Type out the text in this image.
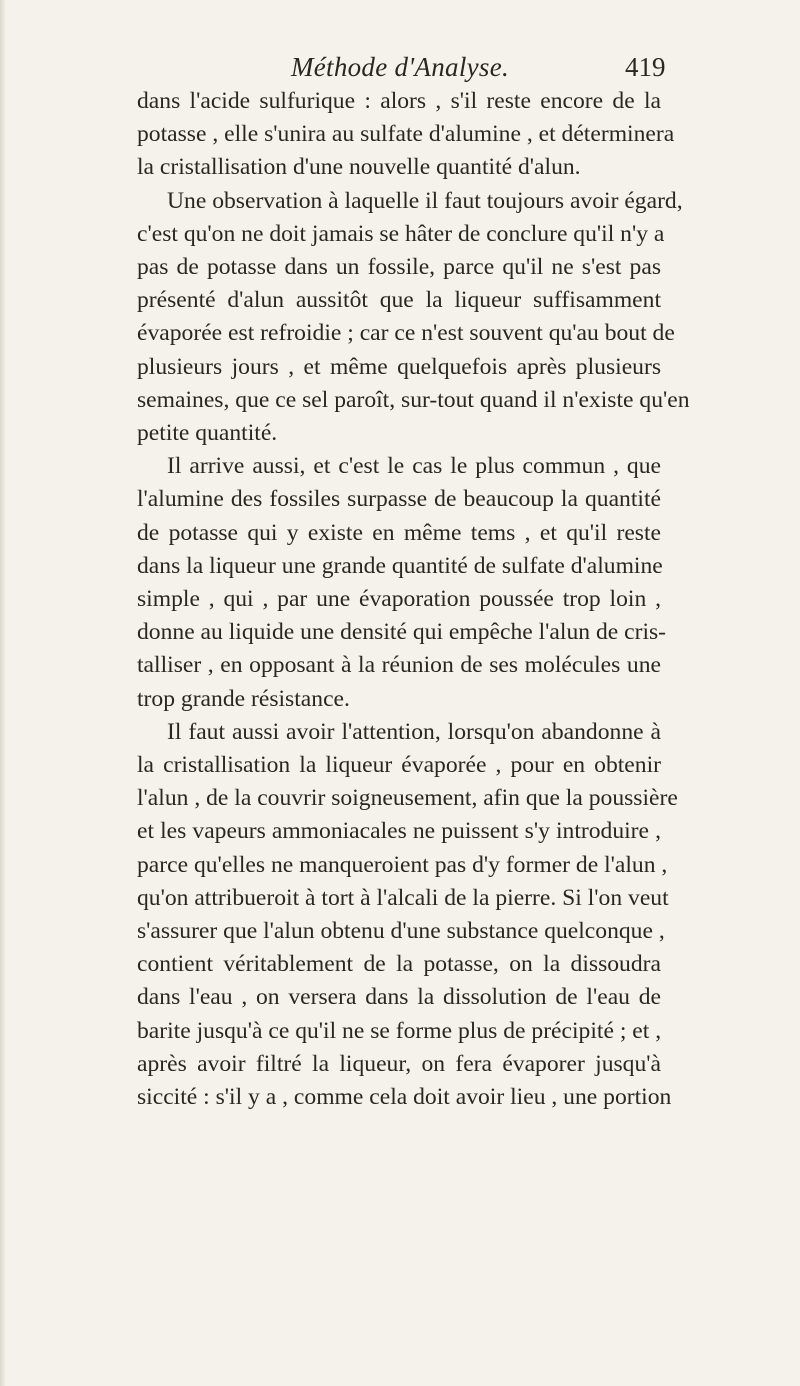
Méthode d'Analyse.	419
dans l'acide sulfurique : alors , s'il reste encore de la
potasse , elle s'unira au sulfate d'alumine , et déterminera
la cristallisation d'une nouvelle quantité d'alun.
Une observation à laquelle il faut toujours avoir égard,
c'est qu'on ne doit jamais se hâter de conclure qu'il n'y a
pas de potasse dans un fossile, parce qu'il ne s'est pas
présenté d'alun aussitôt que la liqueur suffisamment
évaporée est refroidie ; car ce n'est souvent qu'au bout de
plusieurs jours , et même quelquefois après plusieurs
semaines, que ce sel paroît, sur-tout quand il n'existe qu'en
petite quantité.
Il arrive aussi, et c'est le cas le plus commun , que
l'alumine des fossiles surpasse de beaucoup la quantité
de potasse qui y existe en même tems , et qu'il reste
dans la liqueur une grande quantité de sulfate d'alumine
simple , qui , par une évaporation poussée trop loin ,
donne au liquide une densité qui empêche l'alun de cris-
talliser , en opposant à la réunion de ses molécules une
trop grande résistance.
Il faut aussi avoir l'attention, lorsqu'on abandonne à
la cristallisation la liqueur évaporée , pour en obtenir
l'alun , de la couvrir soigneusement, afin que la poussière
et les vapeurs ammoniacales ne puissent s'y introduire ,
parce qu'elles ne manqueroient pas d'y former de l'alun ,
qu'on attribueroit à tort à l'alcali de la pierre. Si l'on veut
s'assurer que l'alun obtenu d'une substance quelconque ,
contient véritablement de la potasse, on la dissoudra
dans l'eau , on versera dans la dissolution de l'eau de
barite jusqu'à ce qu'il ne se forme plus de précipité ; et ,
après avoir filtré la liqueur, on fera évaporer jusqu'à
siccité : s'il y a , comme cela doit avoir lieu , une portion
